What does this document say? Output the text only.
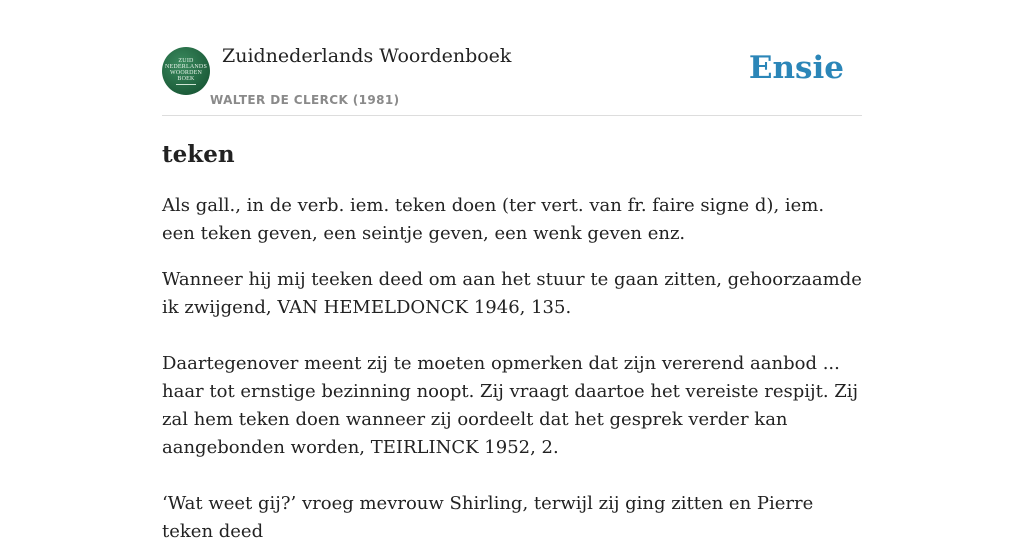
ZUID
NEDERLANDS
WOORDEN
BOEK
Zuidnederlands Woordenboek
WALTER DE CLERCK (1981)
Ensie
teken

Als gall., in de verb. iem. teken doen (ter vert. van fr. faire signe d), iem. een teken geven, een seintje geven, een wenk geven enz.

Wanneer hij mij teeken deed om aan het stuur te gaan zitten, gehoorzaamde ik zwijgend, VAN HEMELDONCK 1946, 135.

Daartegenover meent zij te moeten opmerken dat zijn vererend aanbod ... haar tot ernstige bezinning noopt. Zij vraagt daartoe het vereiste respijt. Zij zal hem teken doen wanneer zij oordeelt dat het gesprek verder kan aangebonden worden, TEIRLINCK 1952, 2.

‘Wat weet gij?’ vroeg mevrouw Shirling, terwijl zij ging zitten en Pierre teken deed
